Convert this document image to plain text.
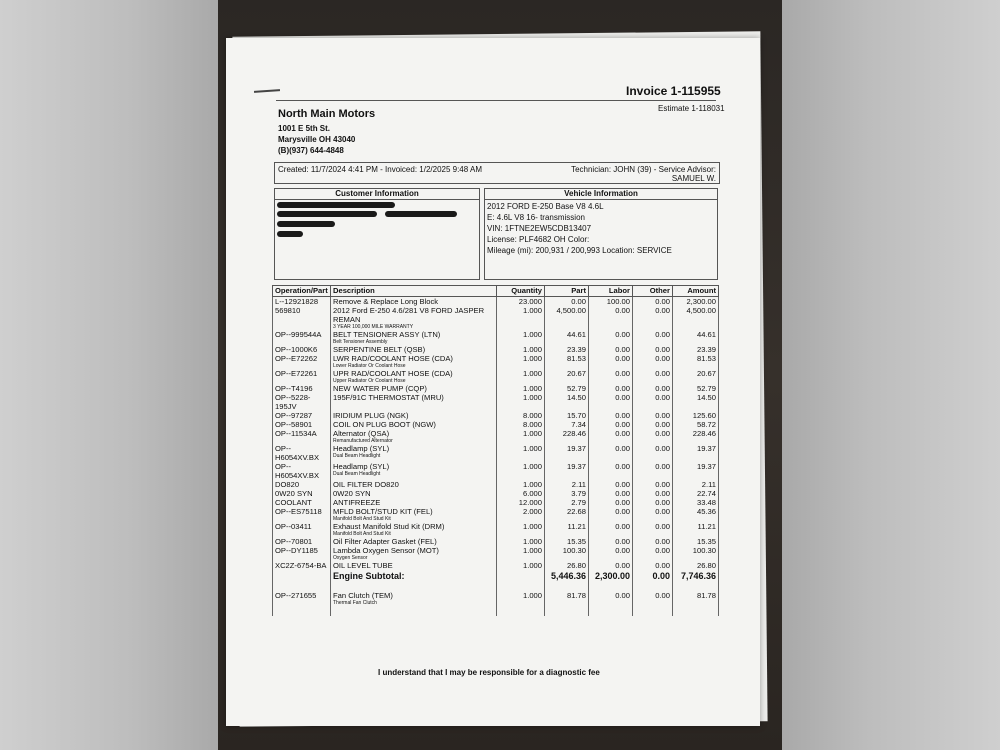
Invoice 1-115955
Estimate 1-118031
North Main Motors
1001 E 5th St.
Marysville OH 43040
(B)(937) 644-4848
Created: 11/7/2024 4:41 PM - Invoiced: 1/2/2025 9:48 AM	Technician: JOHN (39) - Service Advisor:
SAMUEL W.
Customer Information	Vehicle Information
2012 FORD E-250 Base V8 4.6L
E: 4.6L V8 16- transmission
VIN: 1FTNE2EW5CDB13407
License: PLF4682 OH Color:
Mileage (mi): 200,931 / 200,993 Location: SERVICE
Operation/Part	Description	Quantity	Part	Labor	Other	Amount
L--12921828	Remove & Replace Long Block	23.000	0.00	100.00	0.00	2,300.00
569810	2012 Ford E-250 4.6/281 V8 FORD JASPER REMAN
3 YEAR 100,000 MILE WARRANTY	1.000	4,500.00	0.00	0.00	4,500.00
OP--999544A	BELT TENSIONER ASSY (LTN)
Belt Tensioner Assembly	1.000	44.61	0.00	0.00	44.61
OP--1000K6	SERPENTINE BELT (QSB)	1.000	23.39	0.00	0.00	23.39
OP--E72262	LWR RAD/COOLANT HOSE (CDA)
Lower Radiator Or Coolant Hose	1.000	81.53	0.00	0.00	81.53
OP--E72261	UPR RAD/COOLANT HOSE (CDA)
Upper Radiator Or Coolant Hose	1.000	20.67	0.00	0.00	20.67
OP--T4196	NEW WATER PUMP (CQP)	1.000	52.79	0.00	0.00	52.79
OP--5228-195JV	195F/91C THERMOSTAT (MRU)	1.000	14.50	0.00	0.00	14.50
OP--97287	IRIDIUM PLUG (NGK)	8.000	15.70	0.00	0.00	125.60
OP--58901	COIL ON PLUG BOOT (NGW)	8.000	7.34	0.00	0.00	58.72
OP--11534A	Alternator (QSA)
Remanufactured Alternator	1.000	228.46	0.00	0.00	228.46
OP--H6054XV.BX	Headlamp (SYL)
Dual Beam Headlight	1.000	19.37	0.00	0.00	19.37
OP--H6054XV.BX	Headlamp (SYL)
Dual Beam Headlight	1.000	19.37	0.00	0.00	19.37
DO820	OIL FILTER DO820	1.000	2.11	0.00	0.00	2.11
0W20 SYN	0W20 SYN	6.000	3.79	0.00	0.00	22.74
COOLANT	ANTIFREEZE	12.000	2.79	0.00	0.00	33.48
OP--ES75118	MFLD BOLT/STUD KIT (FEL)
Manifold Bolt And Stud Kit	2.000	22.68	0.00	0.00	45.36
OP--03411	Exhaust Manifold Stud Kit (DRM)
Manifold Bolt And Stud Kit	1.000	11.21	0.00	0.00	11.21
OP--70801	Oil Filter Adapter Gasket (FEL)	1.000	15.35	0.00	0.00	15.35
OP--DY1185	Lambda Oxygen Sensor (MOT)
Oxygen Sensor	1.000	100.30	0.00	0.00	100.30
XC2Z-6754-BA	OIL LEVEL TUBE	1.000	26.80	0.00	0.00	26.80
	Engine Subtotal:		5,446.36	2,300.00	0.00	7,746.36

OP--271655	Fan Clutch (TEM)
Thermal Fan Clutch	1.000	81.78	0.00	0.00	81.78

I understand that I may be responsible for a diagnostic fee
